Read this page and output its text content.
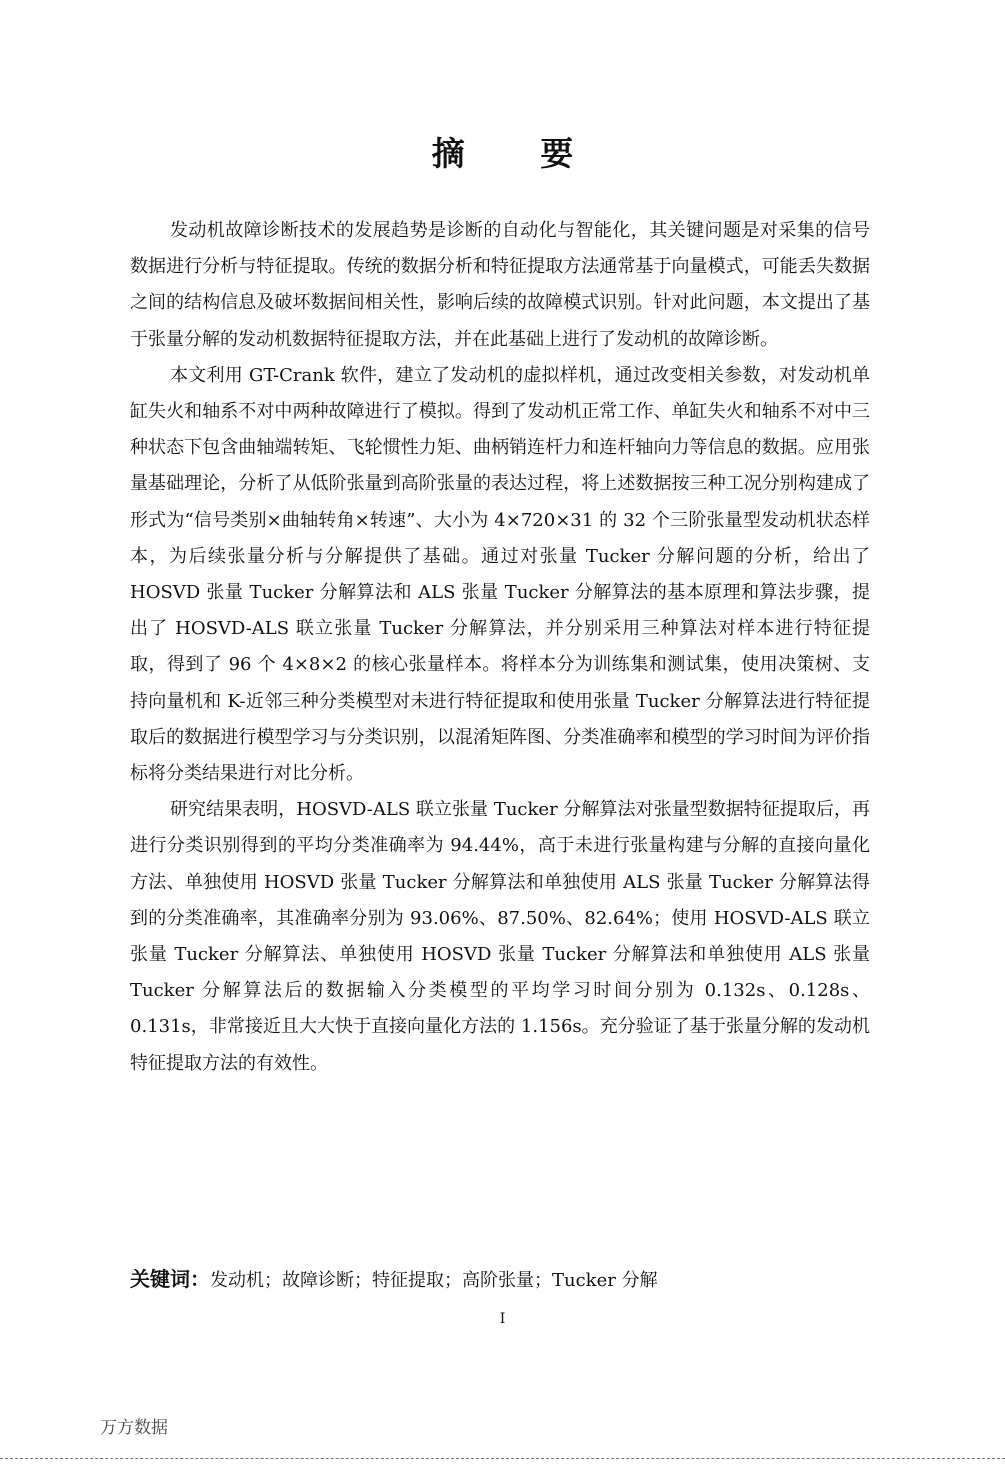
摘 要

发动机故障诊断技术的发展趋势是诊断的自动化与智能化，其关键问题是对采集的信号数据进行分析与特征提取。传统的数据分析和特征提取方法通常基于向量模式，可能丢失数据之间的结构信息及破坏数据间相关性，影响后续的故障模式识别。针对此问题，本文提出了基于张量分解的发动机数据特征提取方法，并在此基础上进行了发动机的故障诊断。

本文利用 GT-Crank 软件，建立了发动机的虚拟样机，通过改变相关参数，对发动机单缸失火和轴系不对中两种故障进行了模拟。得到了发动机正常工作、单缸失火和轴系不对中三种状态下包含曲轴端转矩、飞轮惯性力矩、曲柄销连杆力和连杆轴向力等信息的数据。应用张量基础理论，分析了从低阶张量到高阶张量的表达过程，将上述数据按三种工况分别构建成了形式为“信号类别×曲轴转角×转速”、大小为 4×720×31 的 32 个三阶张量型发动机状态样本，为后续张量分析与分解提供了基础。通过对张量 Tucker 分解问题的分析，给出了 HOSVD 张量 Tucker 分解算法和 ALS 张量 Tucker 分解算法的基本原理和算法步骤，提出了 HOSVD-ALS 联立张量 Tucker 分解算法，并分别采用三种算法对样本进行特征提取，得到了 96 个 4×8×2 的核心张量样本。将样本分为训练集和测试集，使用决策树、支持向量机和 K-近邻三种分类模型对未进行特征提取和使用张量 Tucker 分解算法进行特征提取后的数据进行模型学习与分类识别，以混淆矩阵图、分类准确率和模型的学习时间为评价指标将分类结果进行对比分析。

研究结果表明，HOSVD-ALS 联立张量 Tucker 分解算法对张量型数据特征提取后，再进行分类识别得到的平均分类准确率为 94.44%，高于未进行张量构建与分解的直接向量化方法、单独使用 HOSVD 张量 Tucker 分解算法和单独使用 ALS 张量 Tucker 分解算法得到的分类准确率，其准确率分别为 93.06%、87.50%、82.64%；使用 HOSVD-ALS 联立张量 Tucker 分解算法、单独使用 HOSVD 张量 Tucker 分解算法和单独使用 ALS 张量 Tucker 分解算法后的数据输入分类模型的平均学习时间分别为 0.132s、0.128s、0.131s，非常接近且大大快于直接向量化方法的 1.156s。充分验证了基于张量分解的发动机特征提取方法的有效性。

关键词：发动机；故障诊断；特征提取；高阶张量；Tucker 分解
I
万方数据
